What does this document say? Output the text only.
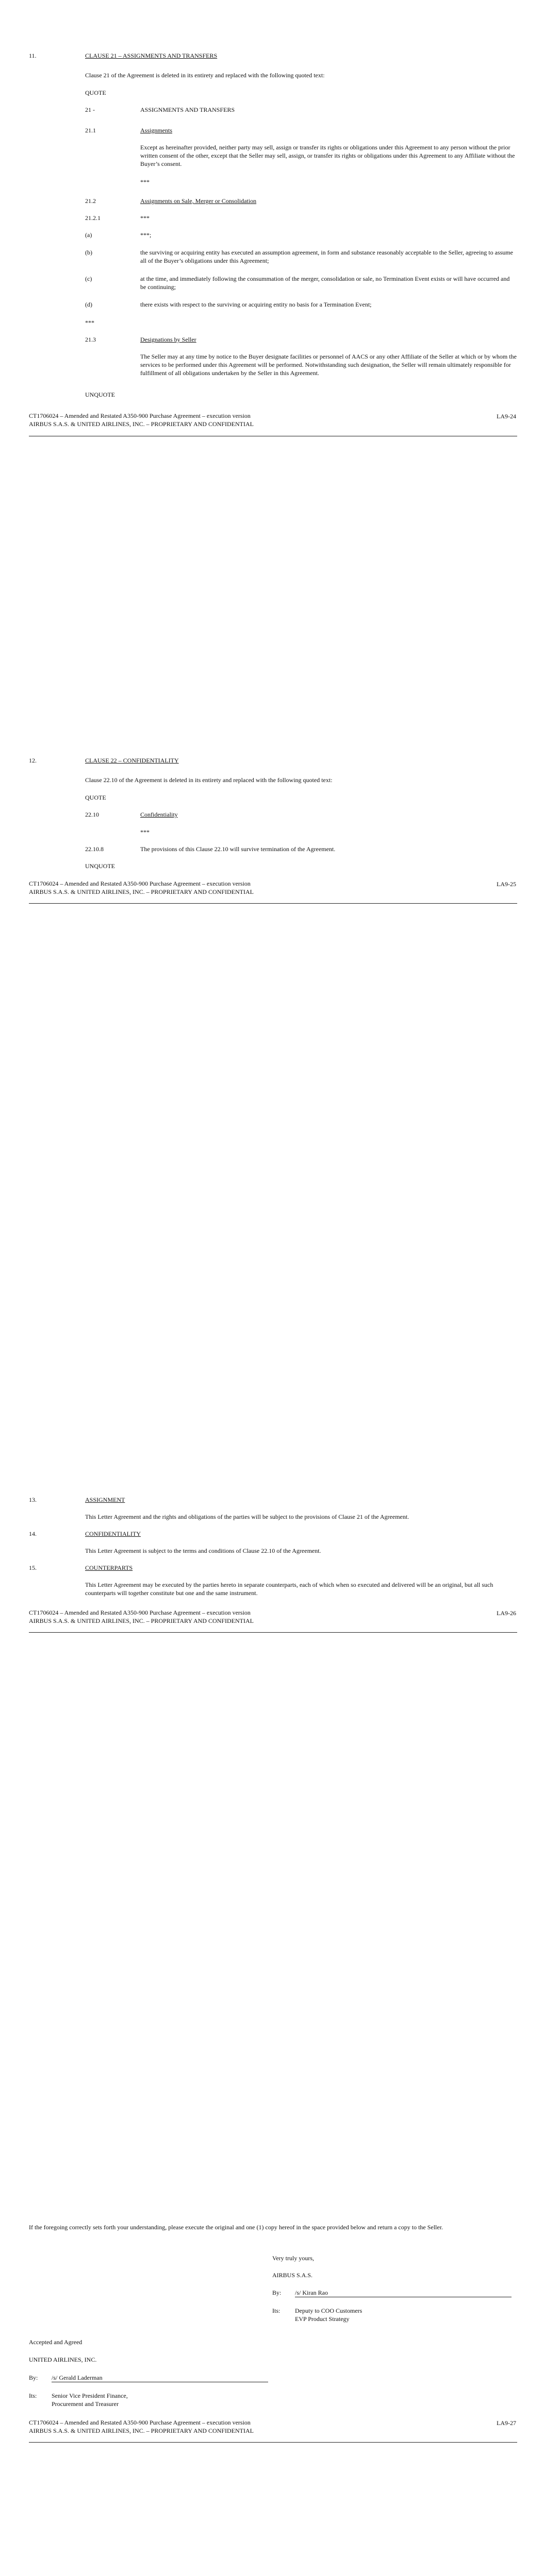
11.	CLAUSE 21 – ASSIGNMENTS AND TRANSFERS
Clause 21 of the Agreement is deleted in its entirety and replaced with the following quoted text:
QUOTE
21 -	ASSIGNMENTS AND TRANSFERS
21.1	Assignments
Except as hereinafter provided, neither party may sell, assign or transfer its rights or obligations under this Agreement to any person without the prior written consent of the other, except that the Seller may sell, assign, or transfer its rights or obligations under this Agreement to any Affiliate without the Buyer’s consent.
***
21.2	Assignments on Sale, Merger or Consolidation
21.2.1	***
(a)	***;
(b)	the surviving or acquiring entity has executed an assumption agreement, in form and substance reasonably acceptable to the Seller, agreeing to assume all of the Buyer’s obligations under this Agreement;
(c)	at the time, and immediately following the consummation of the merger, consolidation or sale, no Termination Event exists or will have occurred and be continuing;
(d)	there exists with respect to the surviving or acquiring entity no basis for a Termination Event;
***
21.3	Designations by Seller
The Seller may at any time by notice to the Buyer designate facilities or personnel of AACS or any other Affiliate of the Seller at which or by whom the services to be performed under this Agreement will be performed. Notwithstanding such designation, the Seller will remain ultimately responsible for fulfillment of all obligations undertaken by the Seller in this Agreement.
UNQUOTE
CT1706024 – Amended and Restated A350-900 Purchase Agreement – execution version
AIRBUS S.A.S. & UNITED AIRLINES, INC. – PROPRIETARY AND CONFIDENTIAL
LA9-24
12.	CLAUSE 22 – CONFIDENTIALITY
Clause 22.10 of the Agreement is deleted in its entirety and replaced with the following quoted text:
QUOTE
22.10	Confidentiality
***
22.10.8	The provisions of this Clause 22.10 will survive termination of the Agreement.
UNQUOTE
CT1706024 – Amended and Restated A350-900 Purchase Agreement – execution version
AIRBUS S.A.S. & UNITED AIRLINES, INC. – PROPRIETARY AND CONFIDENTIAL
LA9-25
13.	ASSIGNMENT
This Letter Agreement and the rights and obligations of the parties will be subject to the provisions of Clause 21 of the Agreement.
14.	CONFIDENTIALITY
This Letter Agreement is subject to the terms and conditions of Clause 22.10 of the Agreement.
15.	COUNTERPARTS
This Letter Agreement may be executed by the parties hereto in separate counterparts, each of which when so executed and delivered will be an original, but all such counterparts will together constitute but one and the same instrument.
CT1706024 – Amended and Restated A350-900 Purchase Agreement – execution version
AIRBUS S.A.S. & UNITED AIRLINES, INC. – PROPRIETARY AND CONFIDENTIAL
LA9-26
If the foregoing correctly sets forth your understanding, please execute the original and one (1) copy hereof in the space provided below and return a copy to the Seller.
Very truly yours,
AIRBUS S.A.S.
By: /s/ Kiran Rao
Its: Deputy to COO Customers
EVP Product Strategy
Accepted and Agreed
UNITED AIRLINES, INC.
By: /s/ Gerald Laderman
Its: Senior Vice President Finance,
Procurement and Treasurer
CT1706024 – Amended and Restated A350-900 Purchase Agreement – execution version
AIRBUS S.A.S. & UNITED AIRLINES, INC. – PROPRIETARY AND CONFIDENTIAL
LA9-27
